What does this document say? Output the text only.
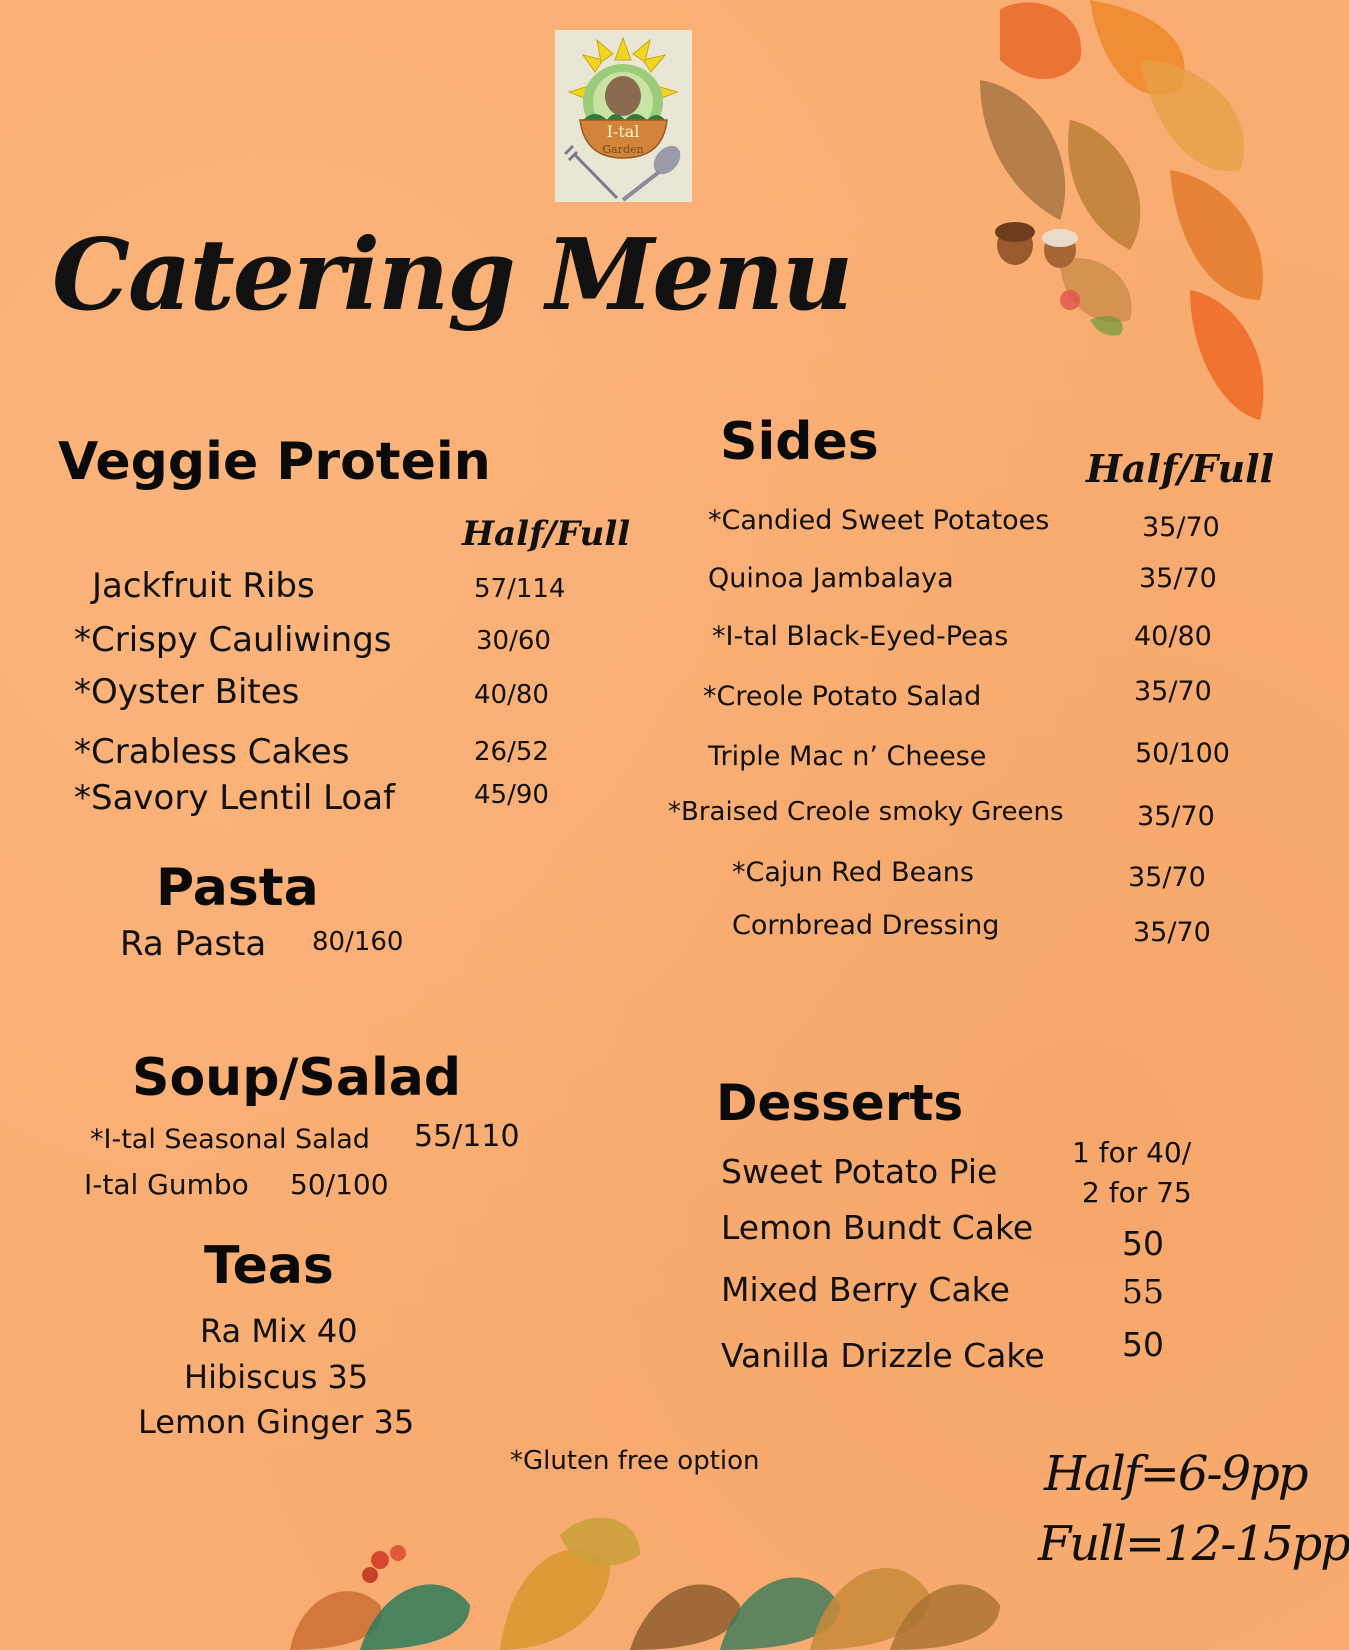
I-tal
Garden
Catering Menu
Veggie Protein
Half/Full
Jackfruit Ribs	57/114
*Crispy Cauliwings	30/60
*Oyster Bites	40/80
*Crabless Cakes	26/52
*Savory Lentil Loaf	45/90
Pasta
Ra Pasta 80/160
Sides	Half/Full
*Candied Sweet Potatoes	35/70
Quinoa Jambalaya	35/70
*I-tal Black-Eyed-Peas	40/80
*Creole Potato Salad	35/70
Triple Mac n’ Cheese	50/100
*Braised Creole smoky Greens	35/70
*Cajun Red Beans	35/70
Cornbread Dressing	35/70
Soup/Salad
*I-tal Seasonal Salad 55/110
I-tal Gumbo 50/100
Teas
Ra Mix 40
Hibiscus 35
Lemon Ginger 35
Desserts
Sweet Potato Pie	1 for 40/
2 for 75
Lemon Bundt Cake	50
Mixed Berry Cake	55
Vanilla Drizzle Cake 50
*Gluten free option	Half=6-9pp
Full=12-15pp
